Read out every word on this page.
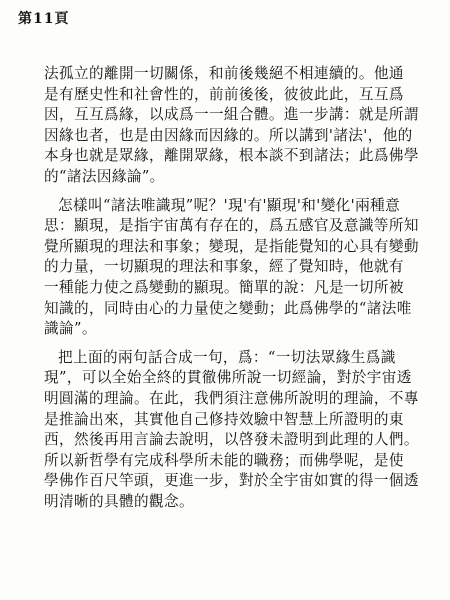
第11頁
法孤立的離開一切關係，和前後幾絕不相連續的。他通
是有歷史性和社會性的，前前後後，彼彼此此，互互爲
因，互互爲緣，以成爲一一組合體。進一步講：就是所謂
因緣也者，也是由因緣而因緣的。所以講到'諸法'，他的
本身也就是眾緣，離開眾緣，根本談不到諸法；此爲佛學
的“諸法因緣論”。
怎樣叫“諸法唯識現”呢？'現'有'顯現'和'變化'兩種意
思：顯現，是指宇宙萬有存在的，爲五感官及意識等所知
覺所顯現的理法和事象；變現，是指能覺知的心具有變動
的力量，一切顯現的理法和事象，經了覺知時，他就有
一種能力使之爲變動的顯現。簡單的說：凡是一切所被
知識的，同時由心的力量使之變動；此爲佛學的“諸法唯
識論”。
把上面的兩句話合成一句，爲：“一切法眾緣生爲識
現”，可以全始全終的貫徹佛所說一切經論，對於宇宙透
明圓滿的理論。在此，我們須注意佛所說明的理論，不專
是推論出來，其實他自己修持效驗中智慧上所證明的東
西，然後再用言論去說明，以啓發未證明到此理的人們。
所以新哲學有完成科學所未能的職務；而佛學呢，是使
學佛作百尺竿頭，更進一步，對於全宇宙如實的得一個透
明清晰的具體的觀念。
